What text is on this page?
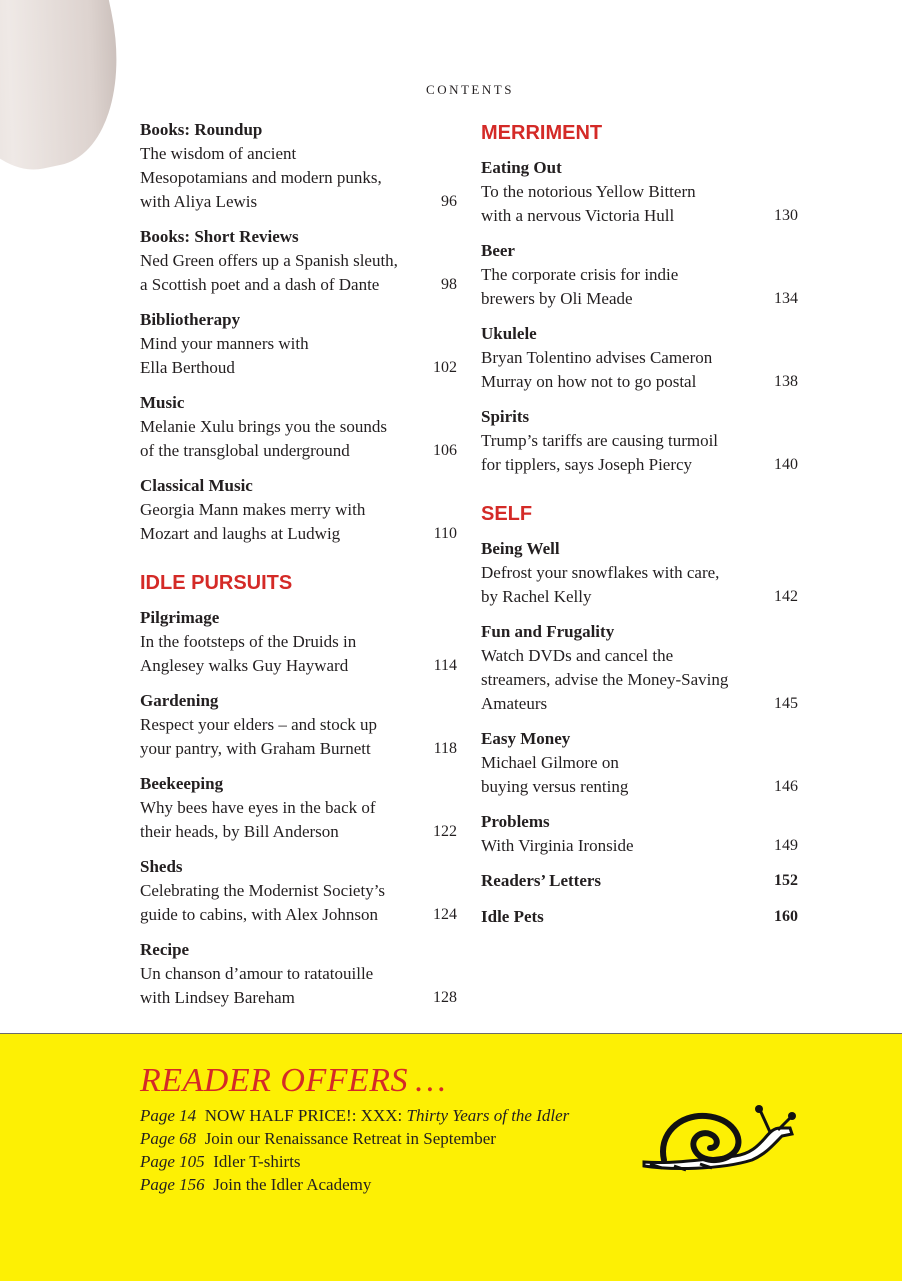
CONTENTS
Books: Roundup
The wisdom of ancient
Mesopotamians and modern punks,
with Aliya Lewis	96
Books: Short Reviews
Ned Green offers up a Spanish sleuth,
a Scottish poet and a dash of Dante	98
Bibliotherapy
Mind your manners with
Ella Berthoud	102
Music
Melanie Xulu brings you the sounds
of the transglobal underground	106
Classical Music
Georgia Mann makes merry with
Mozart and laughs at Ludwig	110
IDLE PURSUITS
Pilgrimage
In the footsteps of the Druids in
Anglesey walks Guy Hayward	114
Gardening
Respect your elders – and stock up
your pantry, with Graham Burnett	118
Beekeeping
Why bees have eyes in the back of
their heads, by Bill Anderson	122
Sheds
Celebrating the Modernist Society’s
guide to cabins, with Alex Johnson	124
Recipe
Un chanson d’amour to ratatouille
with Lindsey Bareham	128
MERRIMENT
Eating Out
To the notorious Yellow Bittern
with a nervous Victoria Hull	130
Beer
The corporate crisis for indie
brewers by Oli Meade	134
Ukulele
Bryan Tolentino advises Cameron
Murray on how not to go postal	138
Spirits
Trump’s tariffs are causing turmoil
for tipplers, says Joseph Piercy	140
SELF
Being Well
Defrost your snowflakes with care,
by Rachel Kelly	142
Fun and Frugality
Watch DVDs and cancel the
streamers, advise the Money-Saving
Amateurs	145
Easy Money
Michael Gilmore on
buying versus renting	146
Problems
With Virginia Ironside	149
Readers’ Letters	152
Idle Pets	160
READER OFFERS …
Page 14 NOW HALF PRICE!: XXX: Thirty Years of the Idler
Page 68 Join our Renaissance Retreat in September
Page 105 Idler T-shirts
Page 156 Join the Idler Academy
